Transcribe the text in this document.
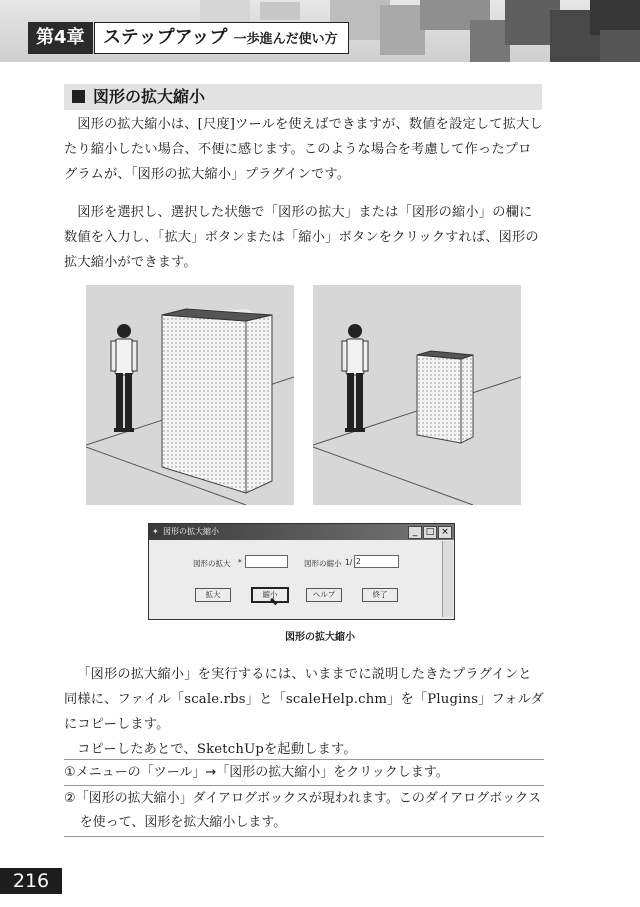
第4章	ステップアップ 一歩進んだ使い方
図形の拡大縮小

図形の拡大縮小は、[尺度]ツールを使えばできますが、数値を設定して拡大したり縮小したい場合、不便に感じます。このような場合を考慮して作ったプログラムが、「図形の拡大縮小」プラグインです。

図形を選択し、選択した状態で「図形の拡大」または「図形の縮小」の欄に数値を入力し、「拡大」ボタンまたは「縮小」ボタンをクリックすれば、図形の拡大縮小ができます。

✦ 図形の拡大縮小	_ □ ×
図形の拡大 *	図形の縮小 1/ 2
拡大	縮小
⬉
ヘルプ	終了
図形の拡大縮小

「図形の拡大縮小」を実行するには、いままでに説明したきたプラグインと同様に、ファイル「scale.rbs」と「scaleHelp.chm」を「Plugins」フォルダにコピーします。

コピーしたあとで、SketchUpを起動します。

①メニューの「ツール」→「図形の拡大縮小」をクリックします。

②「図形の拡大縮小」ダイアログボックスが現われます。このダイアログボックスを使って、図形を拡大縮小します。

216
